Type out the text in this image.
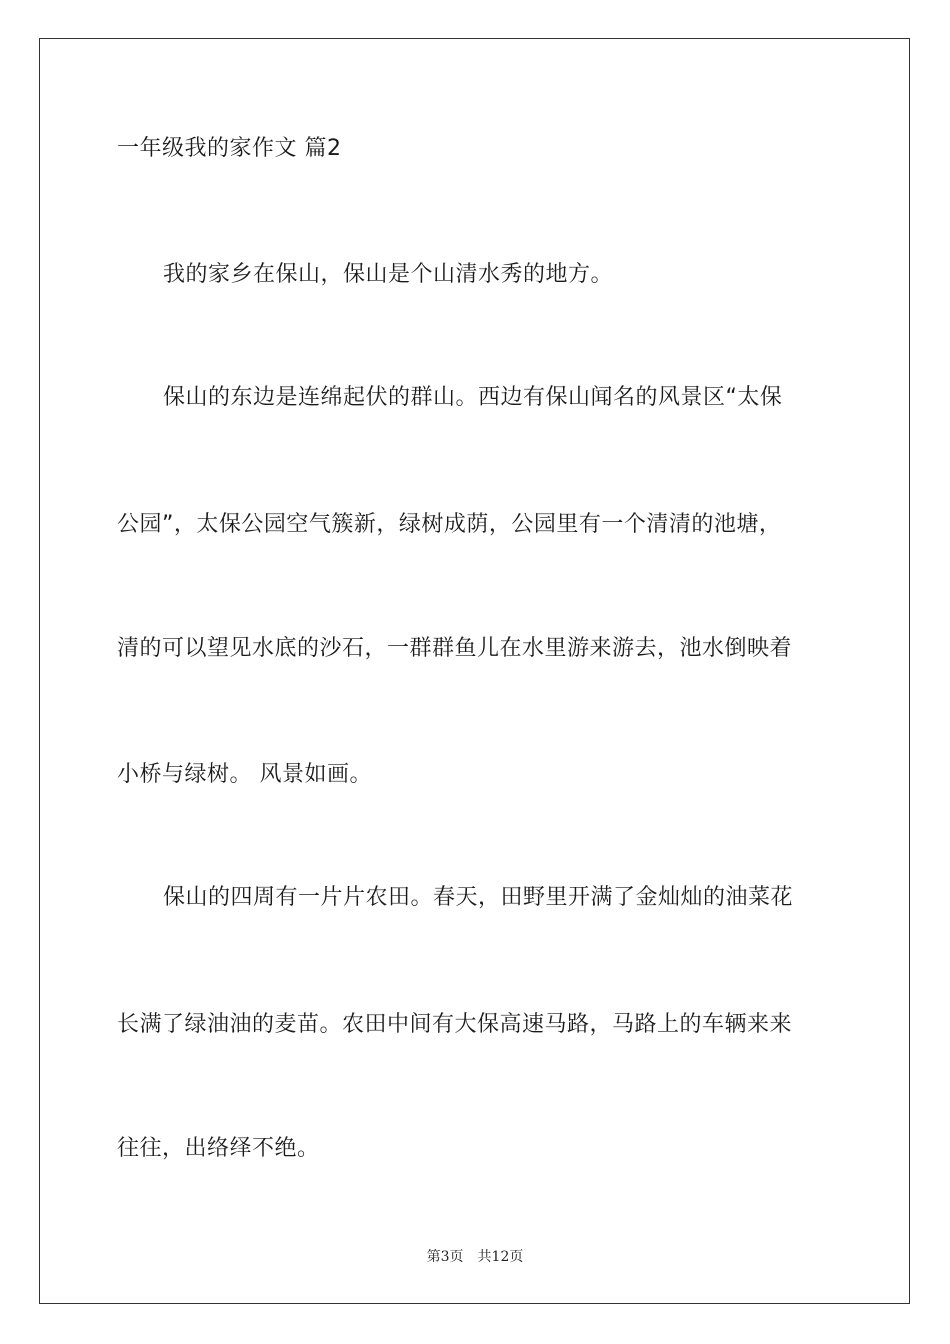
一年级我的家作文 篇2
我的家乡在保山，保山是个山清水秀的地方。
保山的东边是连绵起伏的群山。西边有保山闻名的风景区“太保
公园”，太保公园空气簇新，绿树成荫，公园里有一个清清的池塘，
清的可以望见水底的沙石，一群群鱼儿在水里游来游去，池水倒映着
小桥与绿树。 风景如画。
保山的四周有一片片农田。春天，田野里开满了金灿灿的油菜花
长满了绿油油的麦苗。农田中间有大保高速马路，马路上的车辆来来
往往，出络绎不绝。
第3页 共12页
